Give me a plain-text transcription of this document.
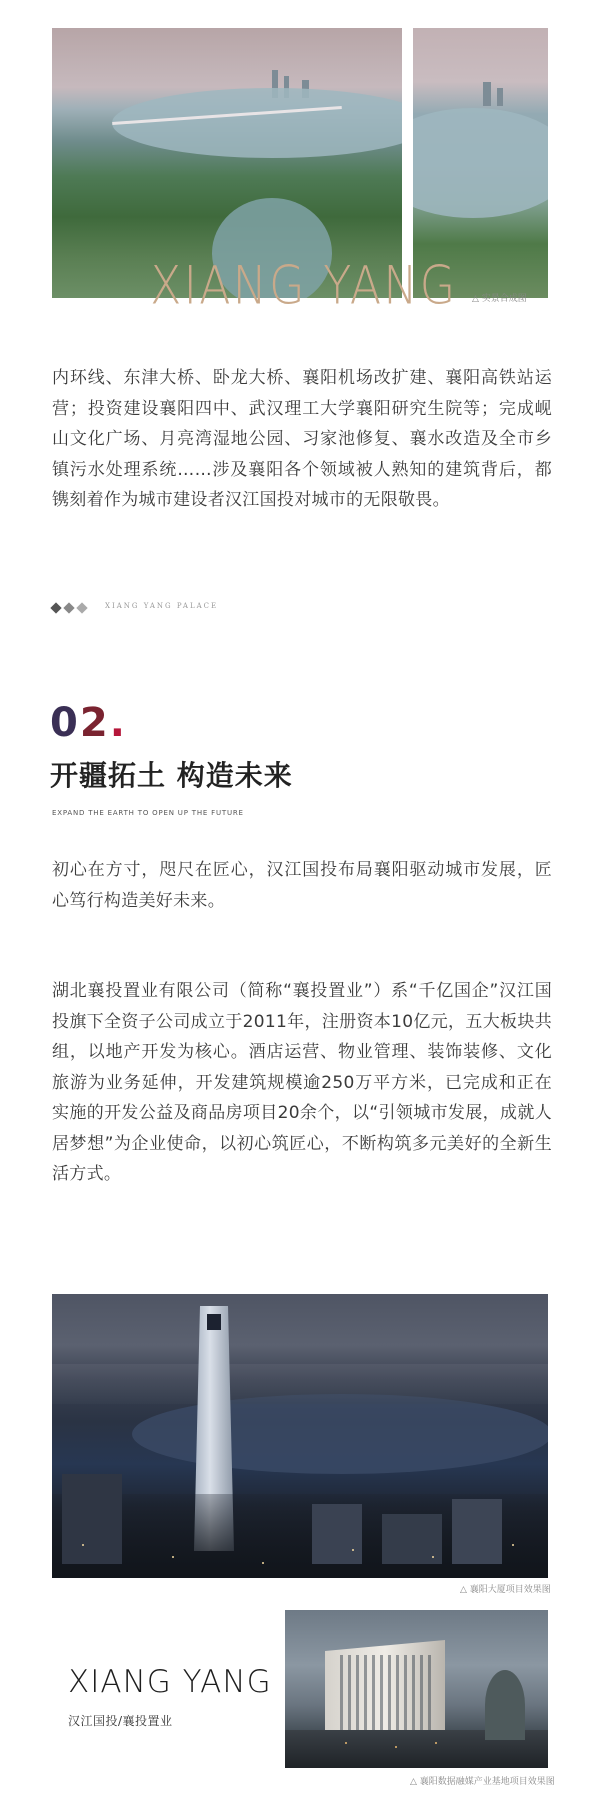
XIANG YANG △ 实景合成图

内环线、东津大桥、卧龙大桥、襄阳机场改扩建、襄阳高铁站运营；投资建设襄阳四中、武汉理工大学襄阳研究生院等；完成岘山文化广场、月亮湾湿地公园、习家池修复、襄水改造及全市乡镇污水处理系统……涉及襄阳各个领域被人熟知的建筑背后，都镌刻着作为城市建设者汉江国投对城市的无限敬畏。

XIANG YANG PALACE
02.
开疆拓土 构造未来
EXPAND THE EARTH TO OPEN UP THE FUTURE

初心在方寸，咫尺在匠心，汉江国投布局襄阳驱动城市发展，匠心笃行构造美好未来。

湖北襄投置业有限公司（简称“襄投置业”）系“千亿国企”汉江国投旗下全资子公司成立于2011年，注册资本10亿元，五大板块共组，以地产开发为核心。酒店运营、物业管理、装饰装修、文化旅游为业务延伸，开发建筑规模逾250万平方米，已完成和正在实施的开发公益及商品房项目20余个，以“引领城市发展，成就人居梦想”为企业使命，以初心筑匠心，不断构筑多元美好的全新生活方式。

△ 襄阳大厦项目效果图
XIANG YANG
汉江国投/襄投置业
△ 襄阳数据融媒产业基地项目效果图
